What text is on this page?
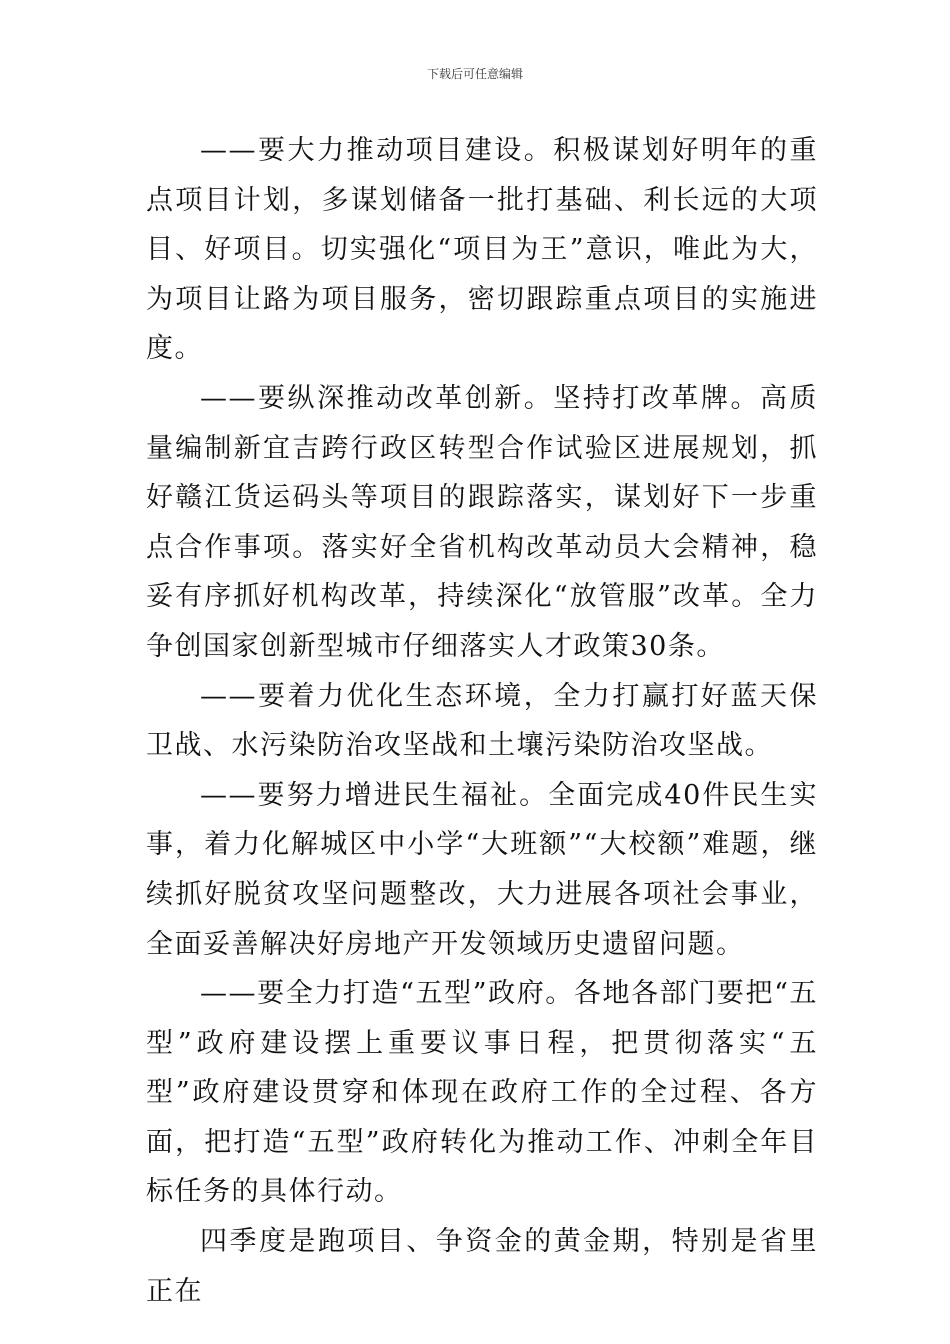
下载后可任意编辑

——要大力推动项目建设。积极谋划好明年的重点项目计划，多谋划储备一批打基础、利长远的大项目、好项目。切实强化“项目为王”意识，唯此为大，为项目让路为项目服务，密切跟踪重点项目的实施进度。

——要纵深推动改革创新。坚持打改革牌。高质量编制新宜吉跨行政区转型合作试验区进展规划，抓好赣江货运码头等项目的跟踪落实，谋划好下一步重点合作事项。落实好全省机构改革动员大会精神，稳妥有序抓好机构改革，持续深化“放管服”改革。全力争创国家创新型城市仔细落实人才政策30条。

——要着力优化生态环境，全力打赢打好蓝天保卫战、水污染防治攻坚战和土壤污染防治攻坚战。

——要努力增进民生福祉。全面完成40件民生实事，着力化解城区中小学“大班额”“大校额”难题，继续抓好脱贫攻坚问题整改，大力进展各项社会事业，全面妥善解决好房地产开发领域历史遗留问题。

——要全力打造“五型”政府。各地各部门要把“五型”政府建设摆上重要议事日程，把贯彻落实“五型”政府建设贯穿和体现在政府工作的全过程、各方面，把打造“五型”政府转化为推动工作、冲刺全年目标任务的具体行动。

四季度是跑项目、争资金的黄金期，特别是省里正在
